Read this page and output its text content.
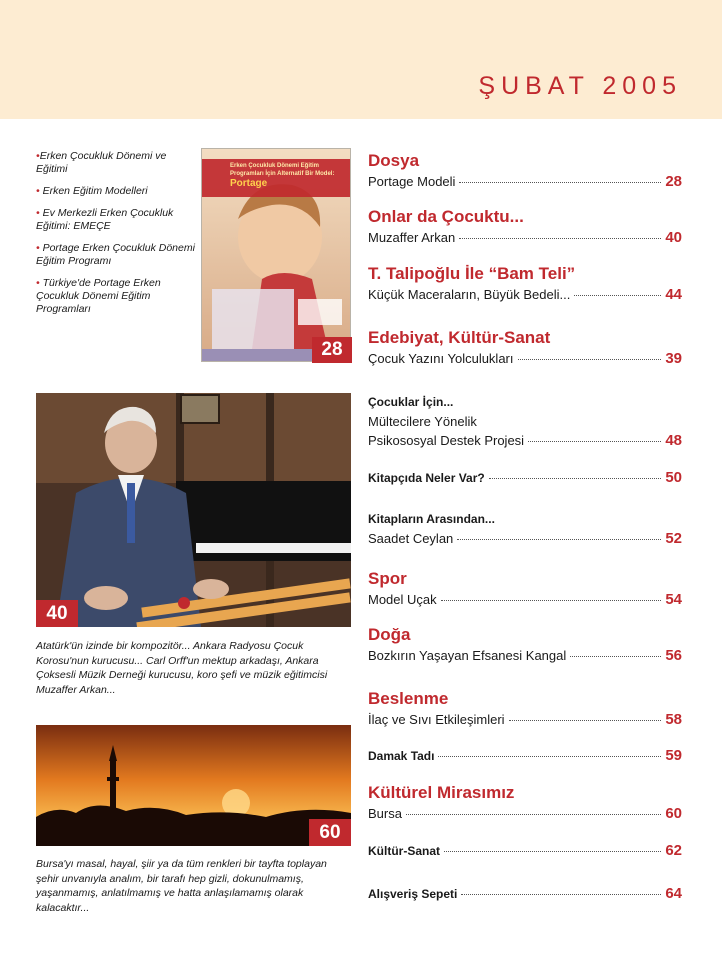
ŞUBAT 2005
•Erken Çocukluk Dönemi ve Eğitimi
• Erken Eğitim Modelleri
• Ev Merkezli Erken Çocukluk Eğitimi: EMEÇE
• Portage Erken Çocukluk Dönemi Eğitim Programı
• Türkiye'de Portage Erken Çocukluk Dönemi Eğitim Programları
Erken Çocukluk Dönemi Eğitim Programları İçin Alternatif Bir Model:
Portage
28
40
Atatürk'ün izinde bir kompozitör... Ankara Radyosu Çocuk Korosu'nun kurucusu... Carl Orff'un mektup arkadaşı, Ankara Çoksesli Müzik Derneği kurucusu, koro şefi ve müzik eğitimcisi Muzaffer Arkan...
60
Bursa'yı masal, hayal, şiir ya da tüm renkleri bir tayfta toplayan şehir unvanıyla analım, bir tarafı hep gizli, dokunulmamış, yaşanmamış, anlatılmamış ve hatta anlaşılamamış olarak kalacaktır...
Dosya
Portage Modeli	28
Onlar da Çocuktu...
Muzaffer Arkan	40
T. Talipoğlu İle “Bam Teli”
Küçük Maceraların, Büyük Bedeli...	44
Edebiyat, Kültür-Sanat
Çocuk Yazını Yolculukları	39
Çocuklar İçin...
Mültecilere Yönelik
Psikososyal Destek Projesi	48
Kitapçıda Neler Var?	50
Kitapların Arasından...
Saadet Ceylan	52
Spor
Model Uçak	54
Doğa
Bozkırın Yaşayan Efsanesi Kangal	56
Beslenme
İlaç ve Sıvı Etkileşimleri	58
Damak Tadı	59
Kültürel Mirasımız
Bursa	60
Kültür-Sanat	62
Alışveriş Sepeti	64
